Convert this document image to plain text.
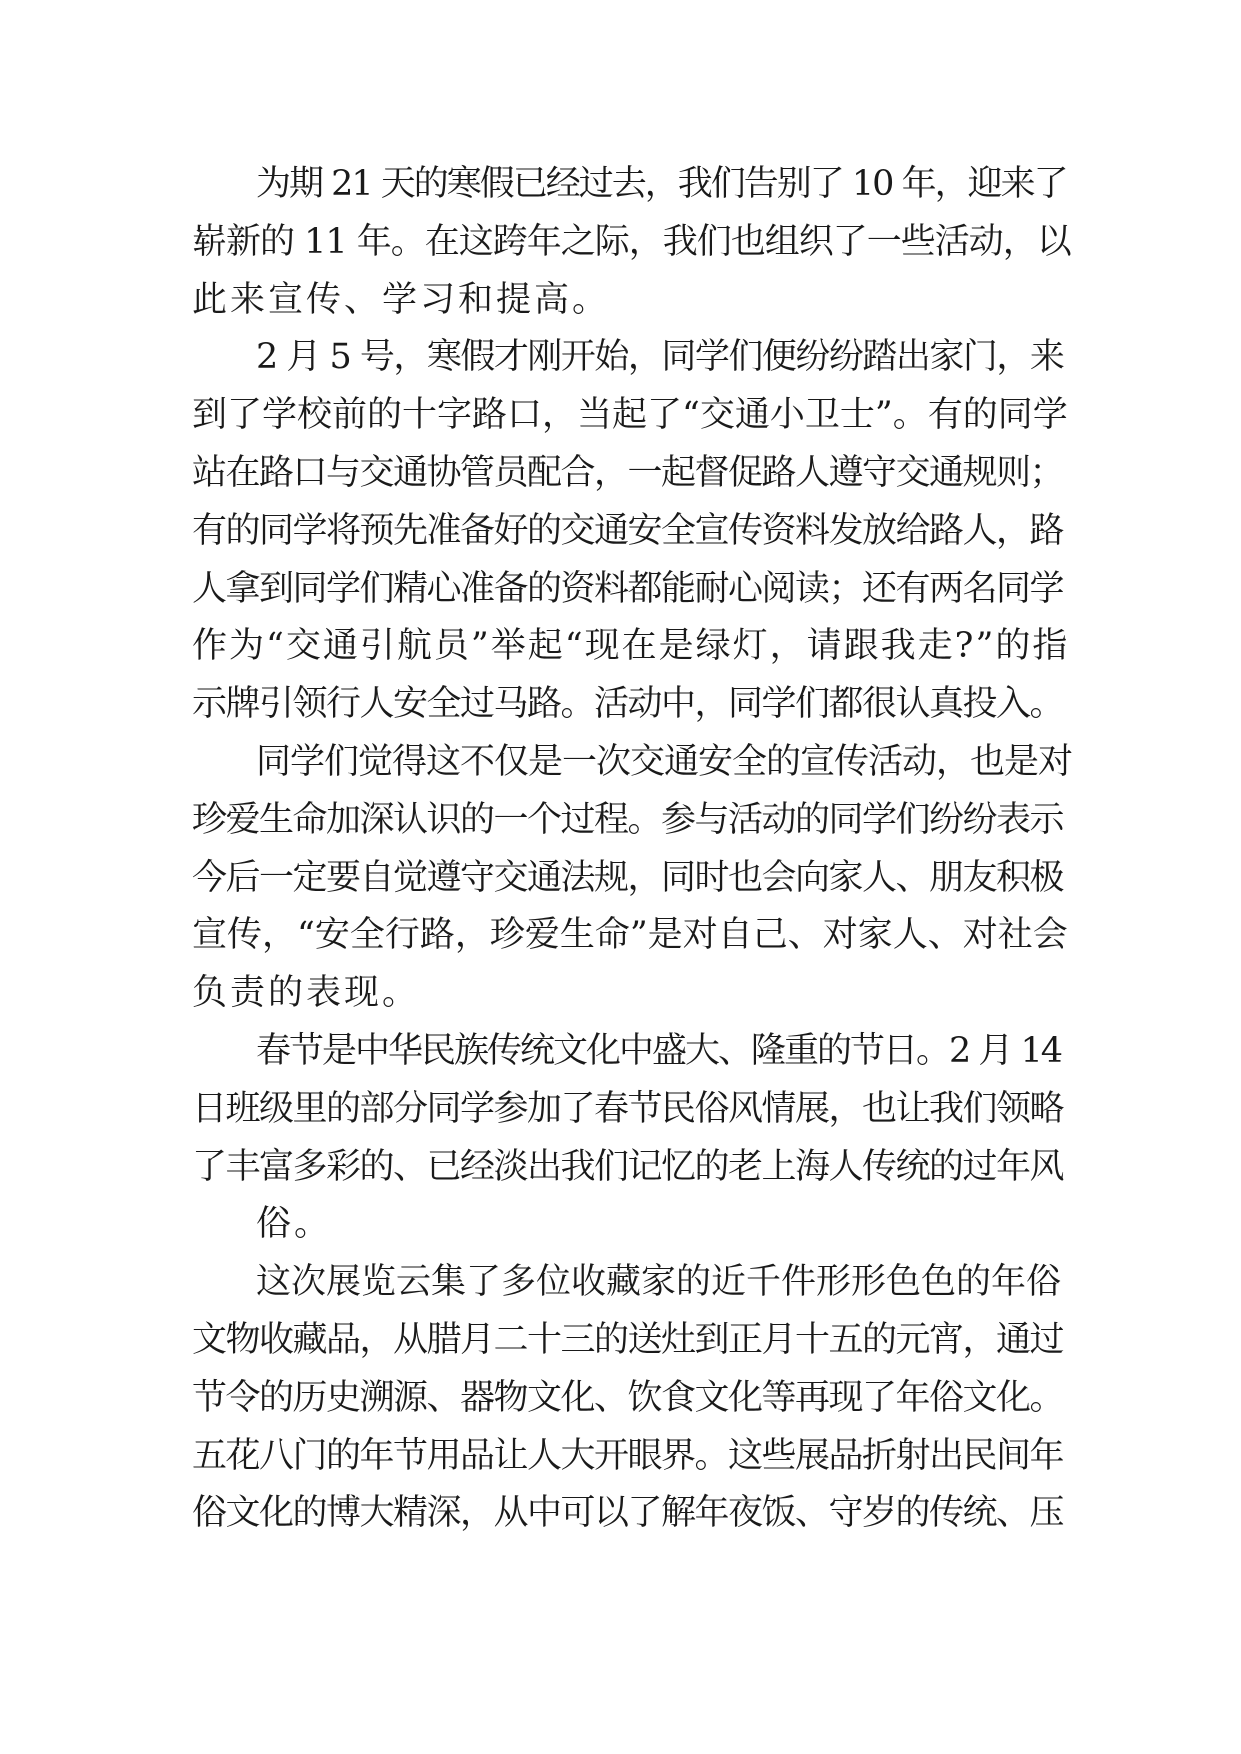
为期 21 天的寒假已经过去，我们告别了 10 年，迎来了
崭新的 11 年。在这跨年之际，我们也组织了一些活动，以
此来宣传、学习和提高。
2 月 5 号，寒假才刚开始，同学们便纷纷踏出家门，来
到了学校前的十字路口，当起了“交通小卫士”。有的同学
站在路口与交通协管员配合，一起督促路人遵守交通规则；
有的同学将预先准备好的交通安全宣传资料发放给路人，路
人拿到同学们精心准备的资料都能耐心阅读；还有两名同学
作为“交通引航员”举起“现在是绿灯，请跟我走?”的指
示牌引领行人安全过马路。活动中，同学们都很认真投入。
同学们觉得这不仅是一次交通安全的宣传活动，也是对
珍爱生命加深认识的一个过程。参与活动的同学们纷纷表示
今后一定要自觉遵守交通法规，同时也会向家人、朋友积极
宣传，“安全行路，珍爱生命”是对自己、对家人、对社会
负责的表现。
春节是中华民族传统文化中盛大、隆重的节日。2 月 14
日班级里的部分同学参加了春节民俗风情展，也让我们领略
了丰富多彩的、已经淡出我们记忆的老上海人传统的过年风
俗。
这次展览云集了多位收藏家的近千件形形色色的年俗
文物收藏品，从腊月二十三的送灶到正月十五的元宵，通过
节令的历史溯源、器物文化、饮食文化等再现了年俗文化。
五花八门的年节用品让人大开眼界。这些展品折射出民间年
俗文化的博大精深，从中可以了解年夜饭、守岁的传统、压
